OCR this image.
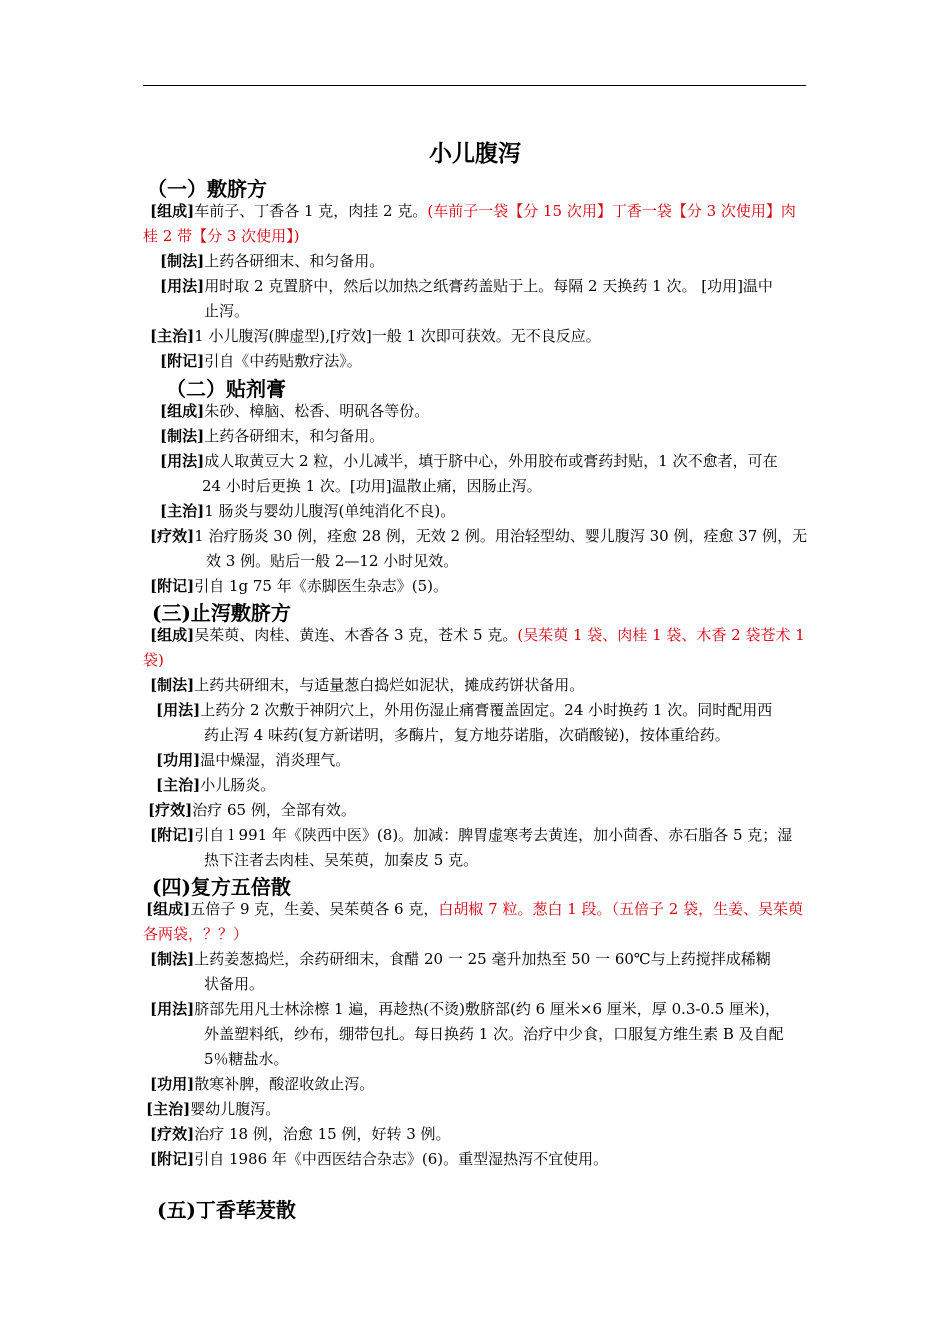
小儿腹泻
（一）敷脐方
[组成]车前子、丁香各 1 克，肉挂 2 克。(车前子一袋【分 15 次用】丁香一袋【分 3 次使用】肉
桂 2 带【分 3 次使用】)
[制法]上药各研细末、和匀备用。
[用法]用时取 2 克置脐中，然后以加热之纸膏药盖贴于上。每隔 2 天换药 1 次。 [功用]温中
止泻。
[主治]1 小儿腹泻(脾虚型),[疗效]一般 1 次即可获效。无不良反应。
[附记]引自《中药贴敷疗法》。
（二）贴剂膏
[组成]朱砂、樟脑、松香、明矾各等份。
[制法]上药各研细末，和匀备用。
[用法]成人取黄豆大 2 粒，小儿减半，填于脐中心，外用胶布或膏药封贴，1 次不愈者，可在
24 小时后更换 1 次。[功用]温散止痛，因肠止泻。
[主治]1 肠炎与婴幼儿腹泻(单纯消化不良)。
[疗效]1 治疗肠炎 30 例，痊愈 28 例，无效 2 例。用治轻型幼、婴儿腹泻 30 例，痊愈 37 例，无
效 3 例。贴后一般 2—12 小时见效。
[附记]引自 1g 75 年《赤脚医生杂志》(5)。
(三)止泻敷脐方
[组成]吴茱萸、肉桂、黄连、木香各 3 克，苍术 5 克。(吴茱萸 1 袋、肉桂 1 袋、木香 2 袋苍术 1
袋)
[制法]上药共研细末，与适量葱白捣烂如泥状，摊成药饼状备用。
[用法]上药分 2 次敷于神阴穴上，外用伤湿止痛膏覆盖固定。24 小时换药 1 次。同时配用西
药止泻 4 味药(复方新诺明，多酶片，复方地芬诺脂，次硝酸铋)，按体重给药。
[功用]温中燥湿，消炎理气。
[主治]小儿肠炎。
[疗效]治疗 65 例，全部有效。
[附记]引自 l 991 年《陕西中医》(8)。加减：脾胃虚寒考去黄连，加小茴香、赤石脂各 5 克；湿
热下注者去肉桂、吴茱萸，加秦皮 5 克。
(四)复方五倍散
[组成]五倍子 9 克，生姜、吴茱萸各 6 克，白胡椒 7 粒。葱白 1 段。（五倍子 2 袋，生姜、吴茱萸
各两袋，？？）
[制法]上药姜葱捣烂，余药研细末，食醋 20 一 25 毫升加热至 50 一 60℃与上药搅拌成稀糊
状备用。
[用法]脐部先用凡士林涂檫 1 遍，再趁热(不烫)敷脐部(约 6 厘米×6 厘米，厚 0.3-0.5 厘米)，
外盖塑料纸，纱布，绷带包扎。每日换药 1 次。治疗中少食，口服复方维生素 B 及自配
5％糖盐水。
[功用]散寒补脾，酸涩收敛止泻。
[主治]婴幼儿腹泻。
[疗效]治疗 18 例，治愈 15 例，好转 3 例。
[附记]引自 1986 年《中西医结合杂志》(6)。重型湿热泻不宜使用。
(五)丁香荜茇散
